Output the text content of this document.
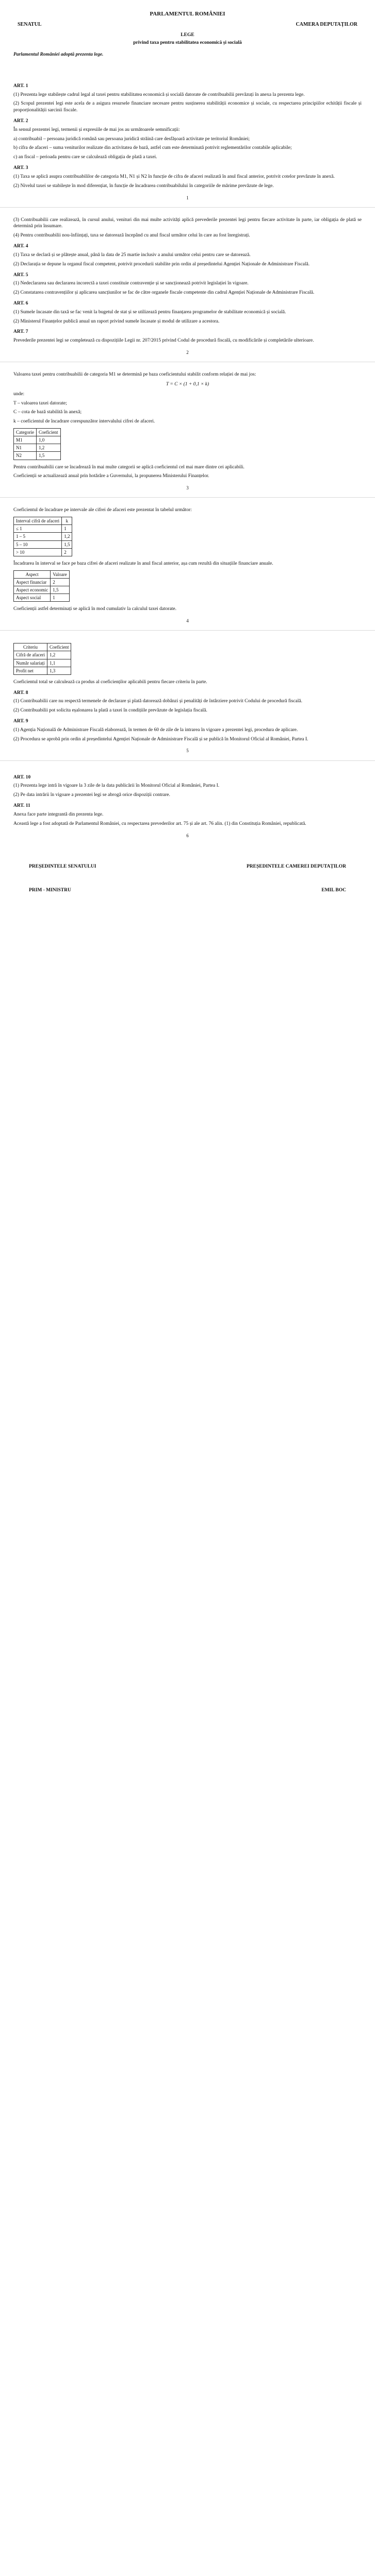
PARLAMENTUL ROMÂNIEI
SENATUL	CAMERA DEPUTAȚILOR
LEGE
privind taxa pentru stabilitatea economică și socială
Parlamentul României adoptă prezenta lege.
ART. 1

(1) Prezenta lege stabilește cadrul legal al taxei pentru stabilitatea economică și socială datorate de contribuabilii prevăzuți în anexa la prezenta lege.

(2) Scopul prezentei legi este acela de a asigura resursele financiare necesare pentru susținerea stabilității economice și sociale, cu respectarea principiilor echității fiscale și proporționalității sarcinii fiscale.

ART. 2

În sensul prezentei legi, termenii și expresiile de mai jos au următoarele semnificații:

a) contribuabil – persoana juridică română sau persoana juridică străină care desfășoară activitate pe teritoriul României;

b) cifra de afaceri – suma veniturilor realizate din activitatea de bază, astfel cum este determinată potrivit reglementărilor contabile aplicabile;

c) an fiscal – perioada pentru care se calculează obligația de plată a taxei.

ART. 3

(1) Taxa se aplică asupra contribuabililor de categoria M1, N1 și N2 în funcție de cifra de afaceri realizată în anul fiscal anterior, potrivit cotelor prevăzute în anexă.

(2) Nivelul taxei se stabilește în mod diferențiat, în funcție de încadrarea contribuabilului în categoriile de mărime prevăzute de lege.

1

(3) Contribuabilii care realizează, în cursul anului, venituri din mai multe activități aplică prevederile prezentei legi pentru fiecare activitate în parte, iar obligația de plată se determină prin însumare.

(4) Pentru contribuabilii nou-înființați, taxa se datorează începând cu anul fiscal următor celui în care au fost înregistrați.

ART. 4

(1) Taxa se declară și se plătește anual, până la data de 25 martie inclusiv a anului următor celui pentru care se datorează.

(2) Declarația se depune la organul fiscal competent, potrivit procedurii stabilite prin ordin al președintelui Agenției Naționale de Administrare Fiscală.

ART. 5

(1) Nedeclararea sau declararea incorectă a taxei constituie contravenție și se sancționează potrivit legislației în vigoare.

(2) Constatarea contravențiilor și aplicarea sancțiunilor se fac de către organele fiscale competente din cadrul Agenției Naționale de Administrare Fiscală.

ART. 6

(1) Sumele încasate din taxă se fac venit la bugetul de stat și se utilizează pentru finanțarea programelor de stabilitate economică și socială.

(2) Ministerul Finanțelor publică anual un raport privind sumele încasate și modul de utilizare a acestora.

ART. 7

Prevederile prezentei legi se completează cu dispozițiile Legii nr. 207/2015 privind Codul de procedură fiscală, cu modificările și completările ulterioare.

2

Valoarea taxei pentru contribuabilii de categoria M1 se determină pe baza coeficientului stabilit conform relației de mai jos:

T = C × (1 + 0,1 × k)

unde:

T – valoarea taxei datorate;

C – cota de bază stabilită în anexă;

k – coeficientul de încadrare corespunzător intervalului cifrei de afaceri.

Categorie	Coeficient
M1	1,0
N1	1,2
N2	1,5

Pentru contribuabilii care se încadrează în mai multe categorii se aplică coeficientul cel mai mare dintre cei aplicabili.

Coeficienții se actualizează anual prin hotărâre a Guvernului, la propunerea Ministerului Finanțelor.

3

Coeficientul de încadrare pe intervale ale cifrei de afaceri este prezentat în tabelul următor:

Interval cifră de afaceri	k
≤ 1	1
1 – 5	1,2
5 – 10	1,5
> 10	2

Încadrarea în interval se face pe baza cifrei de afaceri realizate în anul fiscal anterior, așa cum rezultă din situațiile financiare anuale.

Aspect	Valoare
Aspect financiar	2
Aspect economic	1,5
Aspect social	1

Coeficienții astfel determinați se aplică în mod cumulativ la calculul taxei datorate.

4
Criteriu	Coeficient
Cifră de afaceri	1,2
Număr salariați	1,1
Profit net	1,3

Coeficientul total se calculează ca produs al coeficienților aplicabili pentru fiecare criteriu în parte.

ART. 8

(1) Contribuabilii care nu respectă termenele de declarare și plată datorează dobânzi și penalități de întârziere potrivit Codului de procedură fiscală.

(2) Contribuabilii pot solicita eșalonarea la plată a taxei în condițiile prevăzute de legislația fiscală.

ART. 9

(1) Agenția Națională de Administrare Fiscală elaborează, în termen de 60 de zile de la intrarea în vigoare a prezentei legi, procedura de aplicare.

(2) Procedura se aprobă prin ordin al președintelui Agenției Naționale de Administrare Fiscală și se publică în Monitorul Oficial al României, Partea I.

5
ART. 10

(1) Prezenta lege intră în vigoare la 3 zile de la data publicării în Monitorul Oficial al României, Partea I.

(2) Pe data intrării în vigoare a prezentei legi se abrogă orice dispoziții contrare.

ART. 11

Anexa face parte integrantă din prezenta lege.

Această lege a fost adoptată de Parlamentul României, cu respectarea prevederilor art. 75 și ale art. 76 alin. (1) din Constituția României, republicată.

6
PREȘEDINTELE SENATULUI	PREȘEDINTELE CAMEREI DEPUTAȚILOR
PRIM - MINISTRU	EMIL BOC
